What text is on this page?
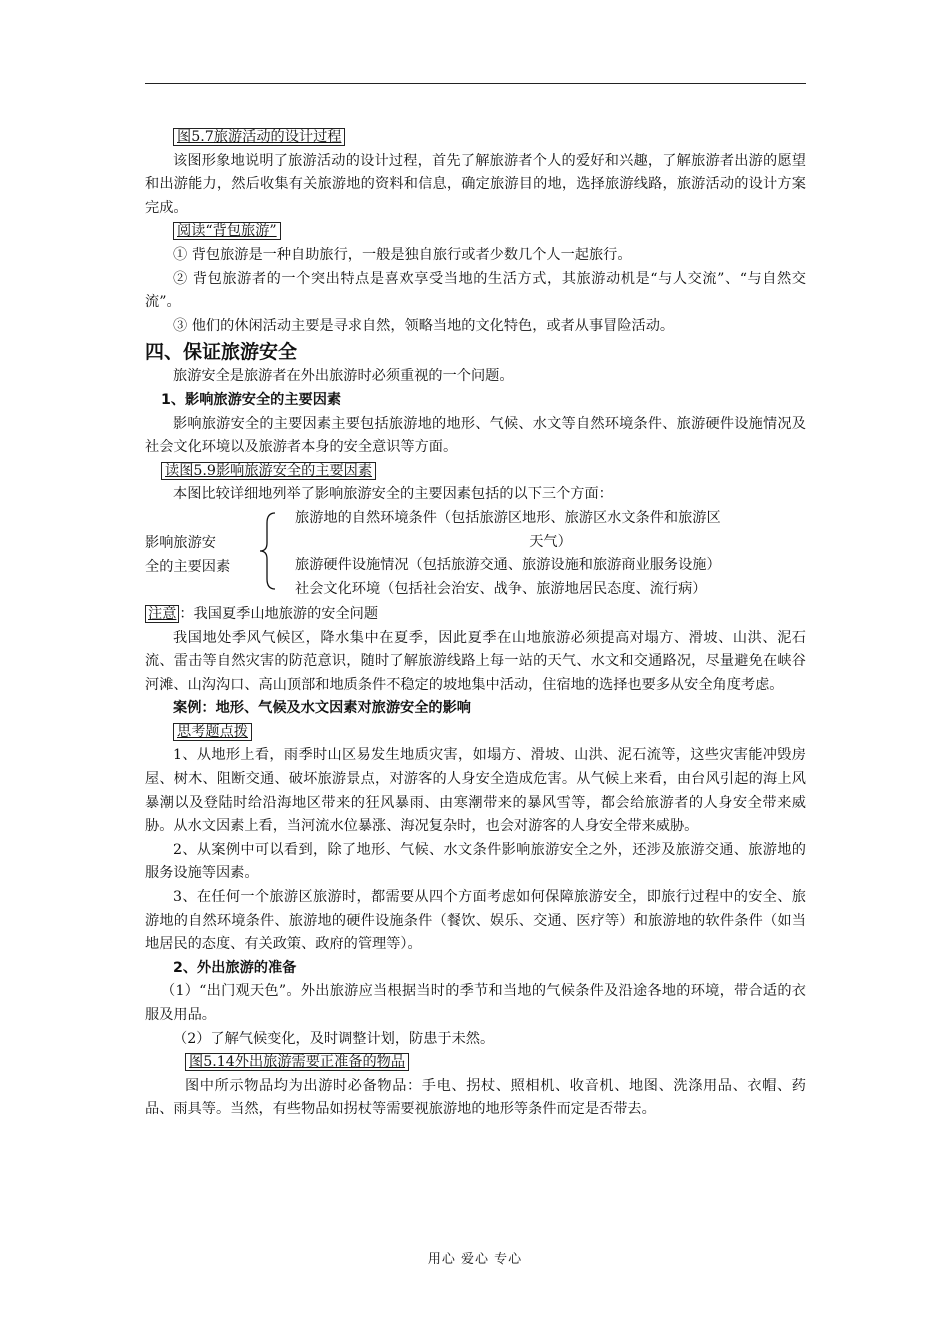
图5.7旅游活动的设计过程

该图形象地说明了旅游活动的设计过程，首先了解旅游者个人的爱好和兴趣，了解旅游者出游的愿望和出游能力，然后收集有关旅游地的资料和信息，确定旅游目的地，选择旅游线路，旅游活动的设计方案完成。

阅读“背包旅游”

① 背包旅游是一种自助旅行，一般是独自旅行或者少数几个人一起旅行。

② 背包旅游者的一个突出特点是喜欢享受当地的生活方式，其旅游动机是“与人交流”、“与自然交流”。

③ 他们的休闲活动主要是寻求自然，领略当地的文化特色，或者从事冒险活动。

四、保证旅游安全

旅游安全是旅游者在外出旅游时必须重视的一个问题。

1、影响旅游安全的主要因素

影响旅游安全的主要因素主要包括旅游地的地形、气候、水文等自然环境条件、旅游硬件设施情况及社会文化环境以及旅游者本身的安全意识等方面。

读图5.9影响旅游安全的主要因素

本图比较详细地列举了影响旅游安全的主要因素包括的以下三个方面：

影响旅游安
全的主要因素

旅游地的自然环境条件（包括旅游区地形、旅游区水文条件和旅游区

天气）

旅游硬件设施情况（包括旅游交通、旅游设施和旅游商业服务设施）

社会文化环境（包括社会治安、战争、旅游地居民态度、流行病）

注意 ：我国夏季山地旅游的安全问题

我国地处季风气候区，降水集中在夏季，因此夏季在山地旅游必须提高对塌方、滑坡、山洪、泥石流、雷击等自然灾害的防范意识，随时了解旅游线路上每一站的天气、水文和交通路况，尽量避免在峡谷河滩、山沟沟口、高山顶部和地质条件不稳定的坡地集中活动，住宿地的选择也要多从安全角度考虑。

案例：地形、气候及水文因素对旅游安全的影响

思考题点拨

1、从地形上看，雨季时山区易发生地质灾害，如塌方、滑坡、山洪、泥石流等，这些灾害能冲毁房屋、树木、阻断交通、破坏旅游景点，对游客的人身安全造成危害。从气候上来看，由台风引起的海上风暴潮以及登陆时给沿海地区带来的狂风暴雨、由寒潮带来的暴风雪等，都会给旅游者的人身安全带来威胁。从水文因素上看，当河流水位暴涨、海况复杂时，也会对游客的人身安全带来威胁。

2、从案例中可以看到，除了地形、气候、水文条件影响旅游安全之外，还涉及旅游交通、旅游地的服务设施等因素。

3、在任何一个旅游区旅游时，都需要从四个方面考虑如何保障旅游安全，即旅行过程中的安全、旅游地的自然环境条件、旅游地的硬件设施条件（餐饮、娱乐、交通、医疗等）和旅游地的软件条件（如当地居民的态度、有关政策、政府的管理等）。

2、外出旅游的准备

（1）“出门观天色”。外出旅游应当根据当时的季节和当地的气候条件及沿途各地的环境，带合适的衣服及用品。

（2）了解气候变化，及时调整计划，防患于未然。

图5.14外出旅游需要正准备的物品

图中所示物品均为出游时必备物品：手电、拐杖、照相机、收音机、地图、洗涤用品、衣帽、药品、雨具等。当然，有些物品如拐杖等需要视旅游地的地形等条件而定是否带去。

用心 爱心 专心
